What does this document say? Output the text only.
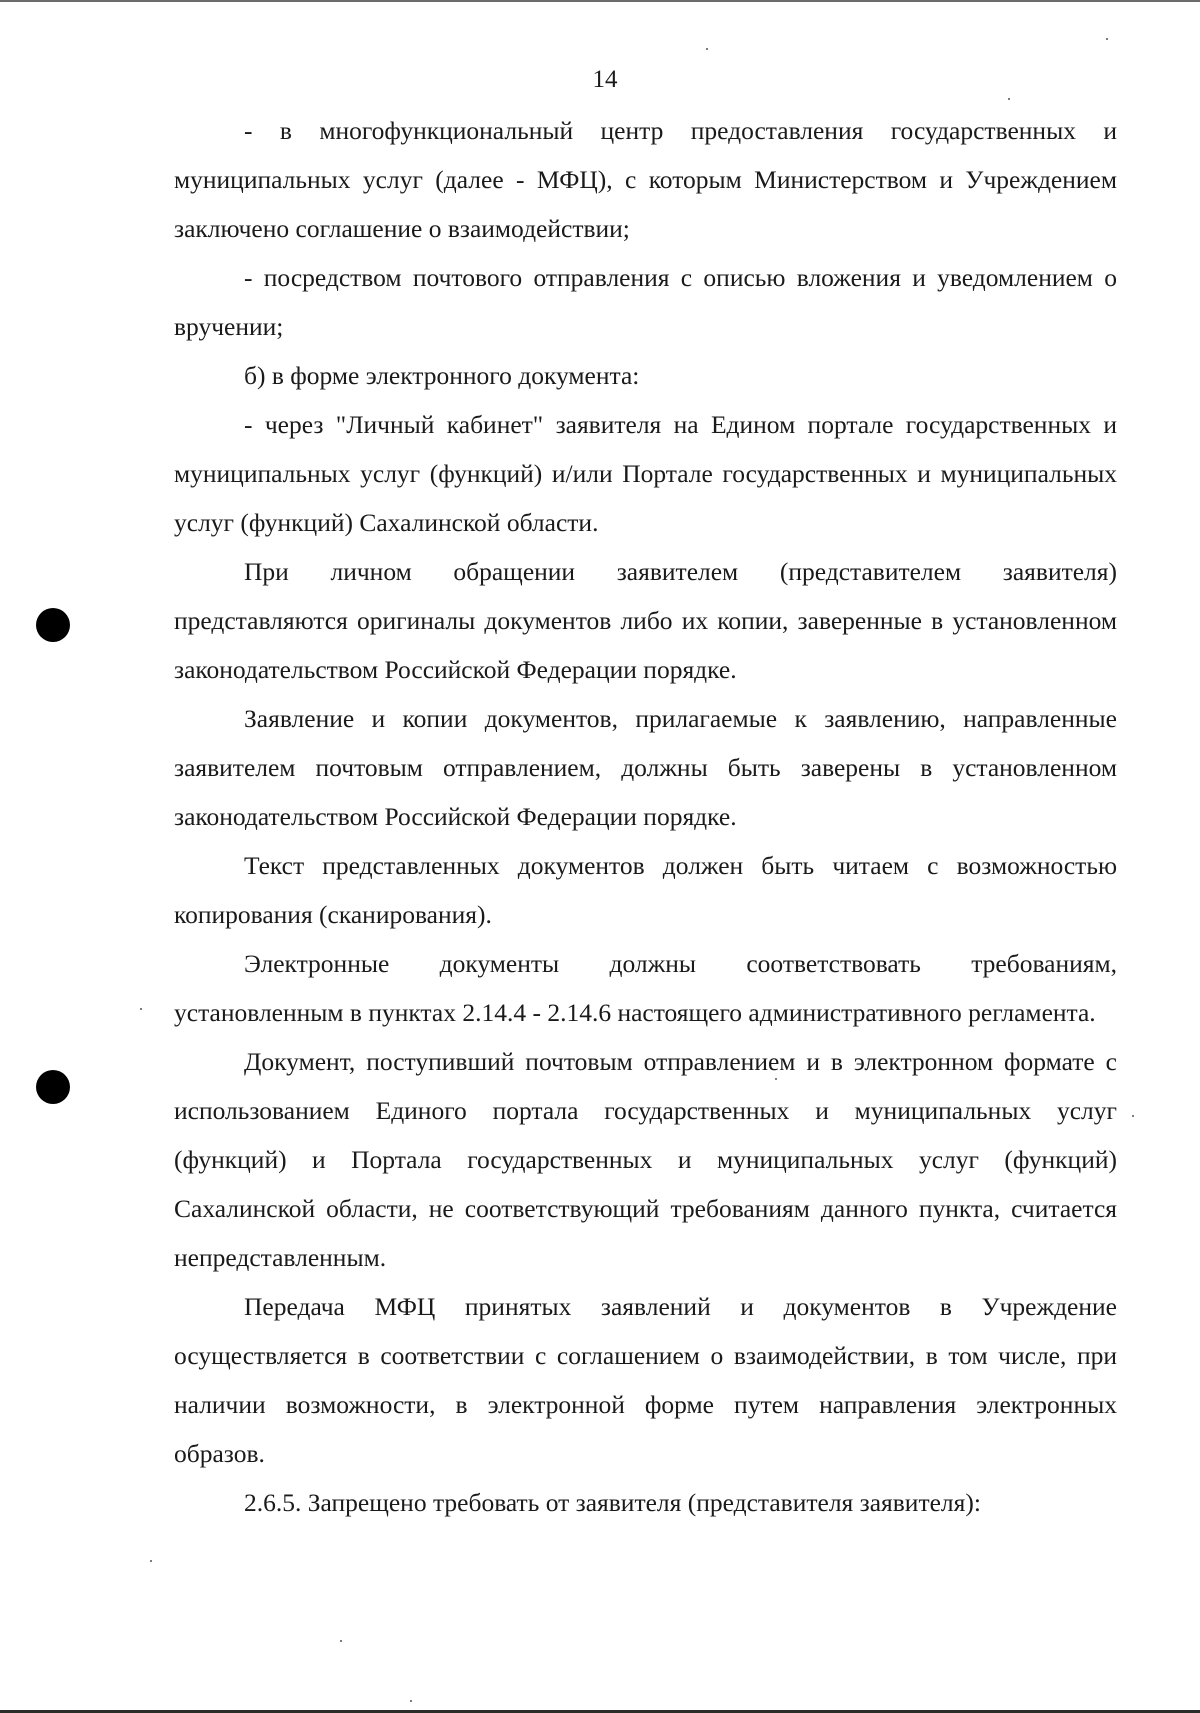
14

- в многофункциональный центр предоставления государственных и муниципальных услуг (далее - МФЦ), с которым Министерством и Учреждением заключено соглашение о взаимодействии;

- посредством почтового отправления с описью вложения и уведомлением о вручении;

б) в форме электронного документа:

- через "Личный кабинет" заявителя на Едином портале государственных и муниципальных услуг (функций) и/или Портале государственных и муниципальных услуг (функций) Сахалинской области.

При личном обращении заявителем (представителем заявителя) представляются оригиналы документов либо их копии, заверенные в установленном законодательством Российской Федерации порядке.

Заявление и копии документов, прилагаемые к заявлению, направленные заявителем почтовым отправлением, должны быть заверены в установленном законодательством Российской Федерации порядке.

Текст представленных документов должен быть читаем с возможностью копирования (сканирования).

Электронные документы должны соответствовать требованиям, установленным в пунктах 2.14.4 - 2.14.6 настоящего административного регламента.

Документ, поступивший почтовым отправлением и в электронном формате с использованием Единого портала государственных и муниципальных услуг (функций) и Портала государственных и муниципальных услуг (функций) Сахалинской области, не соответствующий требованиям данного пункта, считается непредставленным.

Передача МФЦ принятых заявлений и документов в Учреждение осуществляется в соответствии с соглашением о взаимодействии, в том числе, при наличии возможности, в электронной форме путем направления электронных образов.

2.6.5. Запрещено требовать от заявителя (представителя заявителя):
